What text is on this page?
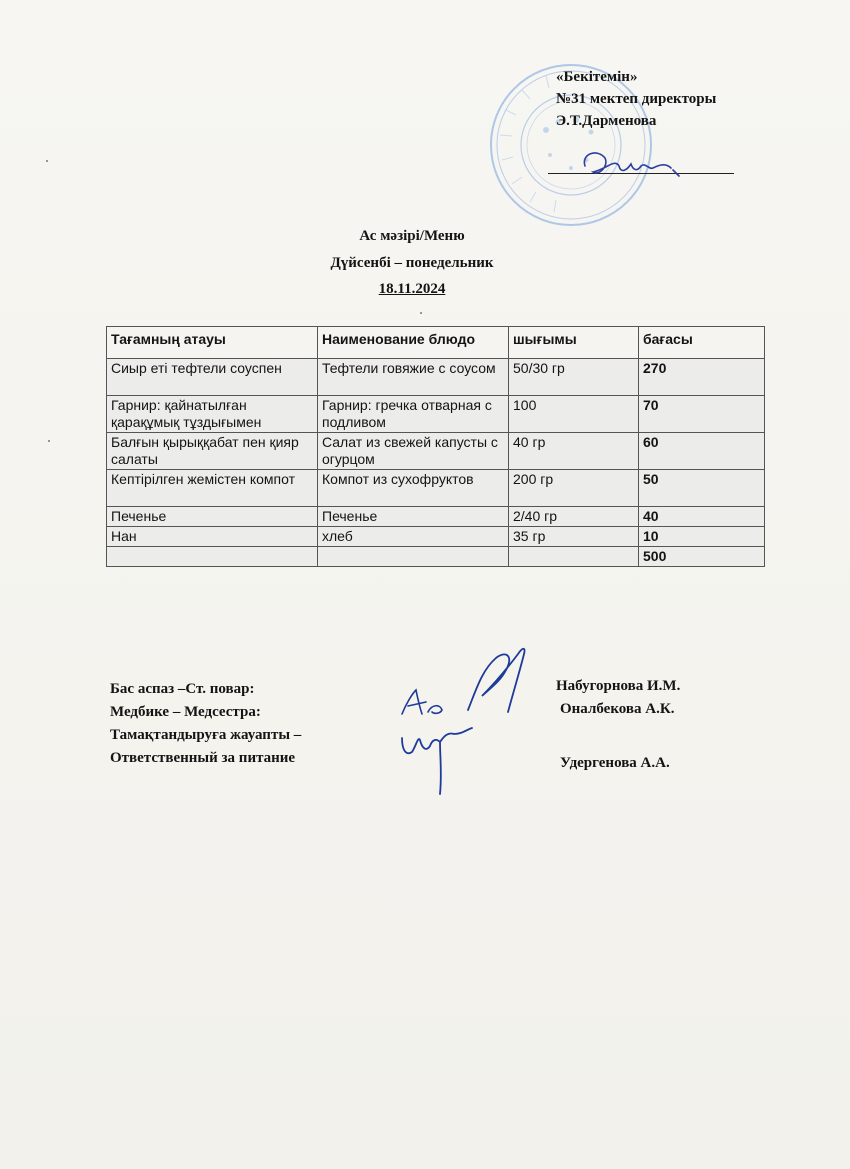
«Бекітемін»
№31 мектеп директоры
Э.Т.Дарменова
Ас мәзірі/Меню
Дүйсенбі – понедельник
18.11.2024
Тағамның атауы	Наименование блюдо	шығымы	бағасы
Сиыр еті тефтели соуспен	Тефтели говяжие с соусом	50/30 гр	270
Гарнир: қайнатылған қарақұмық тұздығымен	Гарнир: гречка отварная с подливом	100	70
Балғын қырыққабат пен қияр салаты	Салат из свежей капусты с огурцом	40 гр	60
Кептірілген жемістен компот	Компот из сухофруктов	200 гр	50
Печенье	Печенье	2/40 гр	40
Нан	хлеб	35 гр	10
			500
Бас аспаз –Ст. повар:
Медбике – Медсестра:
Тамақтандыруға жауапты –
Ответственный за питание
Набугорнова И.М.
Оналбекова А.К.
Удергенова А.А.
